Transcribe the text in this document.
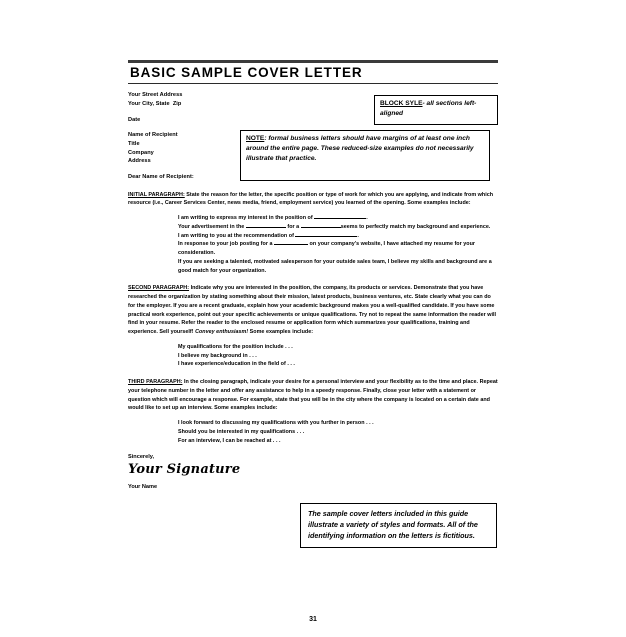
BASIC SAMPLE COVER LETTER
Your Street Address
Your City, State  Zip
Date
Name of Recipient
Title
Company
Address
Dear Name of Recipient:
INITIAL PARAGRAPH: State the reason for the letter, the specific position or type of work for which you are applying, and indicate from which resource (i.e., Career Services Center, news media, friend, employment service) you learned of the opening. Some examples include:
I am writing to express my interest in the position of	.
Your advertisement in the	for a	seems to perfectly match my background and experience.
I am writing to you at the recommendation of	.
In response to your job posting for a	on your company's website, I have attached my resume for your consideration.
If you are seeking a talented, motivated salesperson for your outside sales team, I believe my skills and background are a good match for your organization.
SECOND PARAGRAPH: Indicate why you are interested in the position, the company, its products or services. Demonstrate that you have researched the organization by stating something about their mission, latest products, business ventures, etc. State clearly what you can do for the employer. If you are a recent graduate, explain how your academic background makes you a well-qualified candidate. If you have some practical work experience, point out your specific achievements or unique qualifications. Try not to repeat the same information the reader will find in your resume. Refer the reader to the enclosed resume or application form which summarizes your qualifications, training and experience. Sell yourself! Convey enthusiasm! Some examples include:
My qualifications for the position include . . .
I believe my background in . . .
I have experience/education in the field of . . .
THIRD PARAGRAPH: In the closing paragraph, indicate your desire for a personal interview and your flexibility as to the time and place. Repeat your telephone number in the letter and offer any assistance to help in a speedy response. Finally, close your letter with a statement or question which will encourage a response. For example, state that you will be in the city where the company is located on a certain date and would like to set up an interview. Some examples include:
I look forward to discussing my qualifications with you further in person . . .
Should you be interested in my qualifications . . .
For an interview, I can be reached at . . .
Sincerely,
Your Signature
Your Name
31
BLOCK SYLE- all sections left-aligned
NOTE: formal business letters should have margins of at least one inch around the entire page. These reduced-size examples do not necessarily illustrate that practice.
The sample cover letters included in this guide illustrate a variety of styles and formats. All of the identifying information on the letters is fictitious.
